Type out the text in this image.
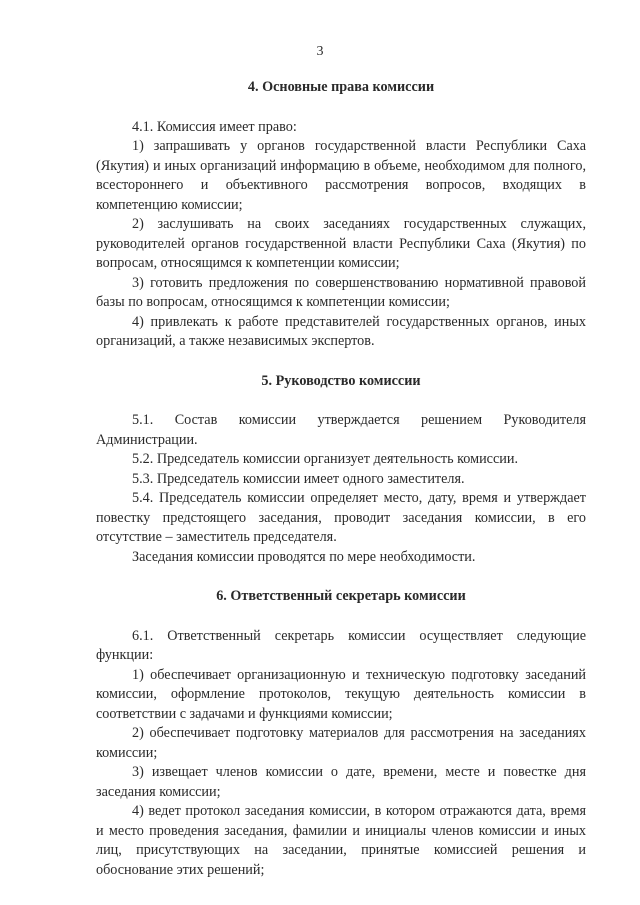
3
4. Основные права комиссии

4.1. Комиссия имеет право:

1) запрашивать у органов государственной власти Республики Саха (Якутия) и иных организаций информацию в объеме, необходимом для полного, всестороннего и объективного рассмотрения вопросов, входящих в компетенцию комиссии;

2) заслушивать на своих заседаниях государственных служащих, руководителей органов государственной власти Республики Саха (Якутия) по вопросам, относящимся к компетенции комиссии;

3) готовить предложения по совершенствованию нормативной правовой базы по вопросам, относящимся к компетенции комиссии;

4) привлекать к работе представителей государственных органов, иных организаций, а также независимых экспертов.

5. Руководство комиссии

5.1. Состав комиссии утверждается решением Руководителя Администрации.

5.2. Председатель комиссии организует деятельность комиссии.

5.3. Председатель комиссии имеет одного заместителя.

5.4. Председатель комиссии определяет место, дату, время и утверждает повестку предстоящего заседания, проводит заседания комиссии, в его отсутствие – заместитель председателя.

Заседания комиссии проводятся по мере необходимости.

6. Ответственный секретарь комиссии

6.1. Ответственный секретарь комиссии осуществляет следующие функции:

1) обеспечивает организационную и техническую подготовку заседаний комиссии, оформление протоколов, текущую деятельность комиссии в соответствии с задачами и функциями комиссии;

2) обеспечивает подготовку материалов для рассмотрения на заседаниях комиссии;

3) извещает членов комиссии о дате, времени, месте и повестке дня заседания комиссии;

4) ведет протокол заседания комиссии, в котором отражаются дата, время и место проведения заседания, фамилии и инициалы членов комиссии и иных лиц, присутствующих на заседании, принятые комиссией решения и обоснование этих решений;
